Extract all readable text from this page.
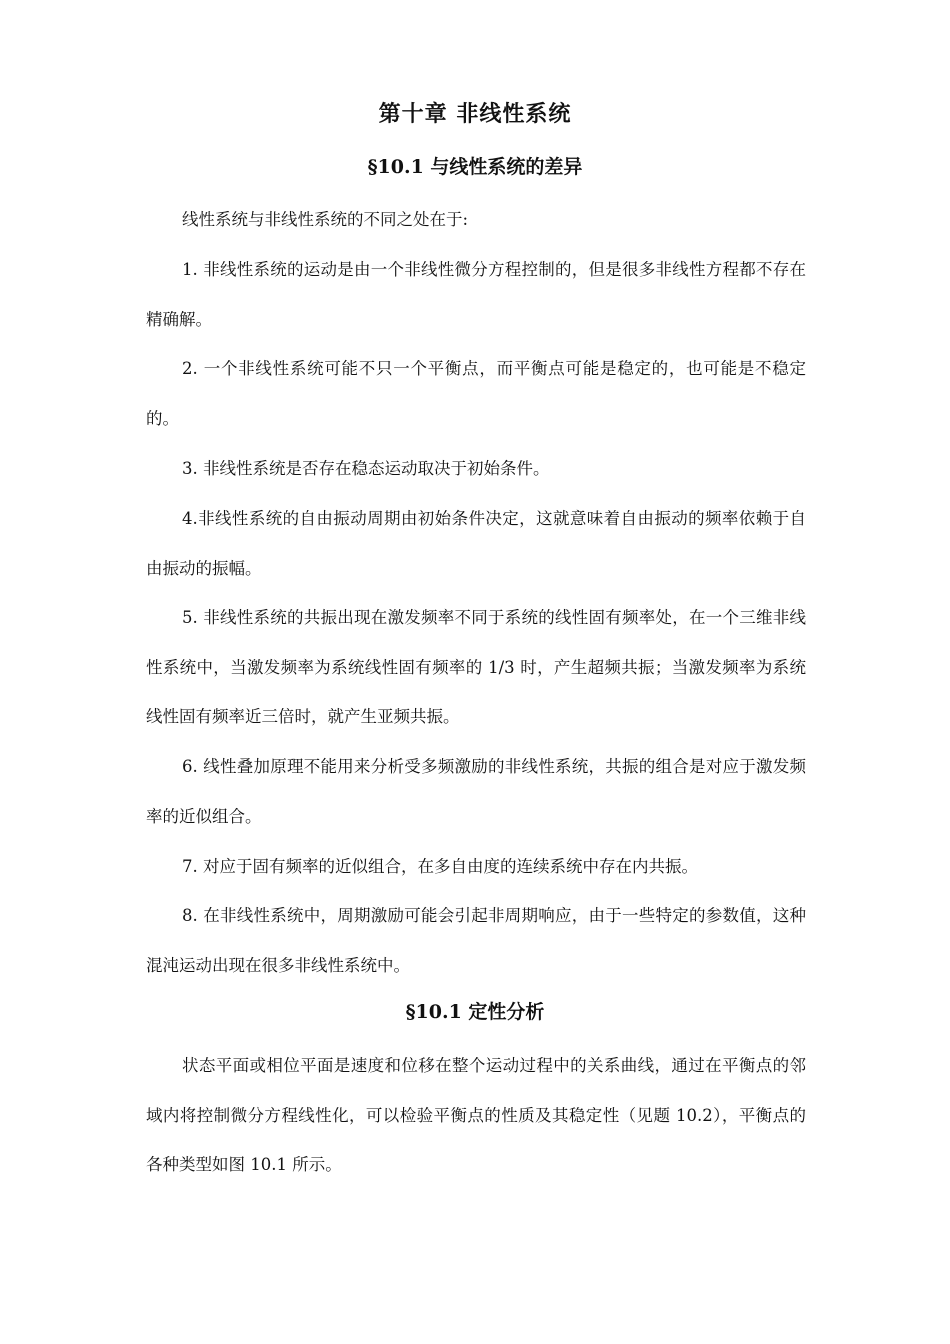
第十章 非线性系统
§10.1 与线性系统的差异

线性系统与非线性系统的不同之处在于:

1. 非线性系统的运动是由一个非线性微分方程控制的，但是很多非线性方程都不存在精确解。

2. 一个非线性系统可能不只一个平衡点，而平衡点可能是稳定的，也可能是不稳定的。

3. 非线性系统是否存在稳态运动取决于初始条件。

4.非线性系统的自由振动周期由初始条件决定，这就意味着自由振动的频率依赖于自由振动的振幅。

5. 非线性系统的共振出现在激发频率不同于系统的线性固有频率处，在一个三维非线性系统中，当激发频率为系统线性固有频率的 1/3 时，产生超频共振；当激发频率为系统线性固有频率近三倍时，就产生亚频共振。

6. 线性叠加原理不能用来分析受多频激励的非线性系统，共振的组合是对应于激发频率的近似组合。

7. 对应于固有频率的近似组合，在多自由度的连续系统中存在内共振。

8. 在非线性系统中，周期激励可能会引起非周期响应，由于一些特定的参数值，这种混沌运动出现在很多非线性系统中。

§10.1 定性分析

状态平面或相位平面是速度和位移在整个运动过程中的关系曲线，通过在平衡点的邻域内将控制微分方程线性化，可以检验平衡点的性质及其稳定性（见题 10.2），平衡点的各种类型如图 10.1 所示。
